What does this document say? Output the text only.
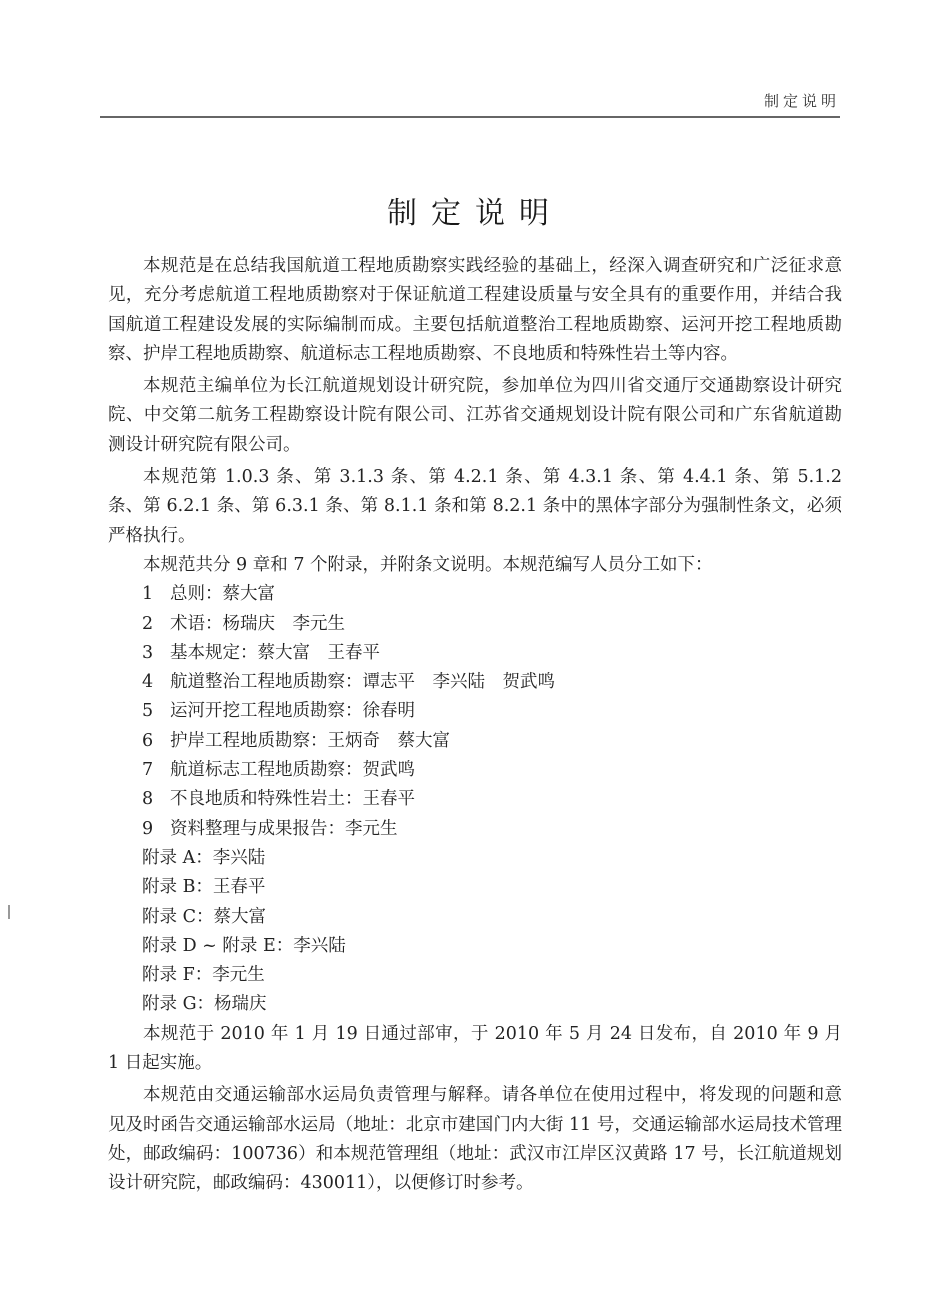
制定说明
制定说明

本规范是在总结我国航道工程地质勘察实践经验的基础上，经深入调查研究和广泛征求意见，充分考虑航道工程地质勘察对于保证航道工程建设质量与安全具有的重要作用，并结合我国航道工程建设发展的实际编制而成。主要包括航道整治工程地质勘察、运河开挖工程地质勘察、护岸工程地质勘察、航道标志工程地质勘察、不良地质和特殊性岩土等内容。

本规范主编单位为长江航道规划设计研究院，参加单位为四川省交通厅交通勘察设计研究院、中交第二航务工程勘察设计院有限公司、江苏省交通规划设计院有限公司和广东省航道勘测设计研究院有限公司。

本规范第 1.0.3 条、第 3.1.3 条、第 4.2.1 条、第 4.3.1 条、第 4.4.1 条、第 5.1.2 条、第 6.2.1 条、第 6.3.1 条、第 8.1.1 条和第 8.2.1 条中的黑体字部分为强制性条文，必须严格执行。

本规范共分 9 章和 7 个附录，并附条文说明。本规范编写人员分工如下：

1 总则：蔡大富

2 术语：杨瑞庆　李元生

3 基本规定：蔡大富　王春平

4 航道整治工程地质勘察：谭志平　李兴陆　贺武鸣

5 运河开挖工程地质勘察：徐春明

6 护岸工程地质勘察：王炳奇　蔡大富

7 航道标志工程地质勘察：贺武鸣

8 不良地质和特殊性岩土：王春平

9 资料整理与成果报告：李元生

附录 A：李兴陆

附录 B：王春平

附录 C：蔡大富

附录 D ~ 附录 E：李兴陆

附录 F：李元生

附录 G：杨瑞庆

本规范于 2010 年 1 月 19 日通过部审，于 2010 年 5 月 24 日发布，自 2010 年 9 月 1 日起实施。

本规范由交通运输部水运局负责管理与解释。请各单位在使用过程中，将发现的问题和意见及时函告交通运输部水运局（地址：北京市建国门内大街 11 号，交通运输部水运局技术管理处，邮政编码：100736）和本规范管理组（地址：武汉市江岸区汉黄路 17 号，长江航道规划设计研究院，邮政编码：430011），以便修订时参考。
